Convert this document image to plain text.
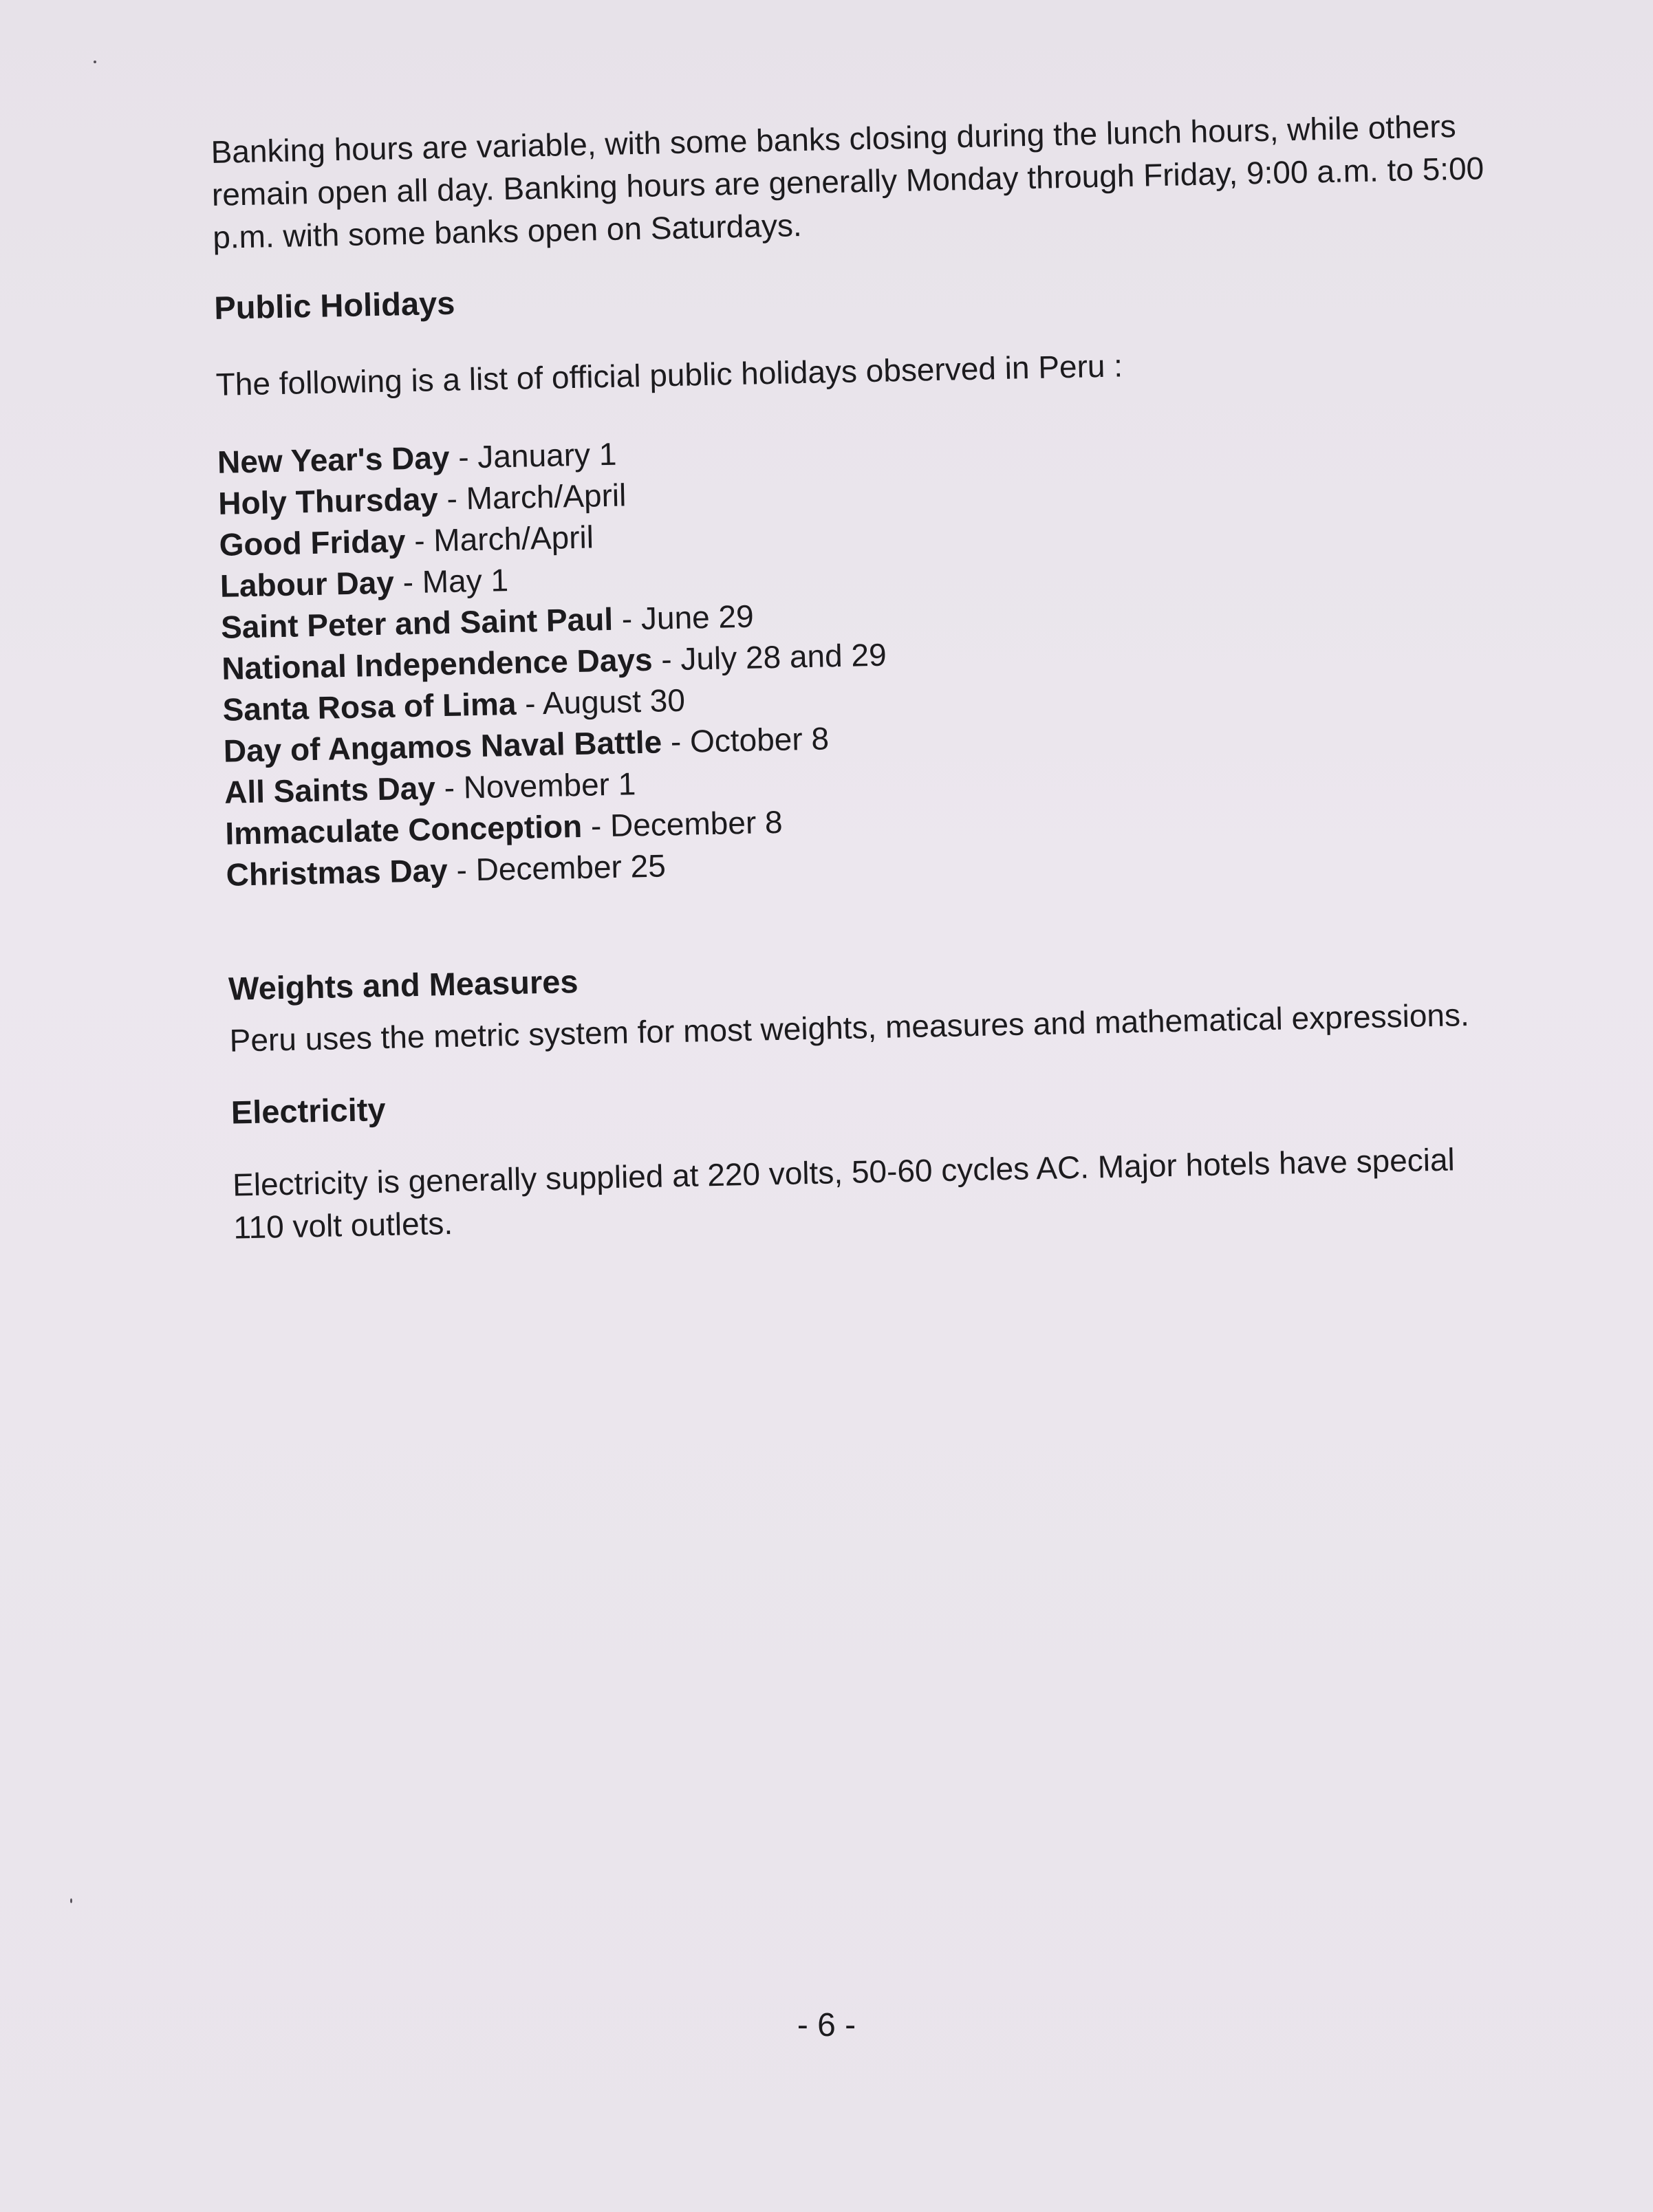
Banking hours are variable, with some banks closing during the lunch hours, while others remain open all day. Banking hours are generally Monday through Friday, 9:00 a.m. to 5:00 p.m. with some banks open on Saturdays.

Public Holidays

The following is a list of official public holidays observed in Peru :

New Year's Day - January 1
Holy Thursday - March/April
Good Friday - March/April
Labour Day - May 1
Saint Peter and Saint Paul - June 29
National Independence Days - July 28 and 29
Santa Rosa of Lima - August 30
Day of Angamos Naval Battle - October 8
All Saints Day - November 1
Immaculate Conception - December 8
Christmas Day - December 25
Weights and Measures

Peru uses the metric system for most weights, measures and mathematical expressions.

Electricity

Electricity is generally supplied at 220 volts, 50-60 cycles AC. Major hotels have special 110 volt outlets.

- 6 -
